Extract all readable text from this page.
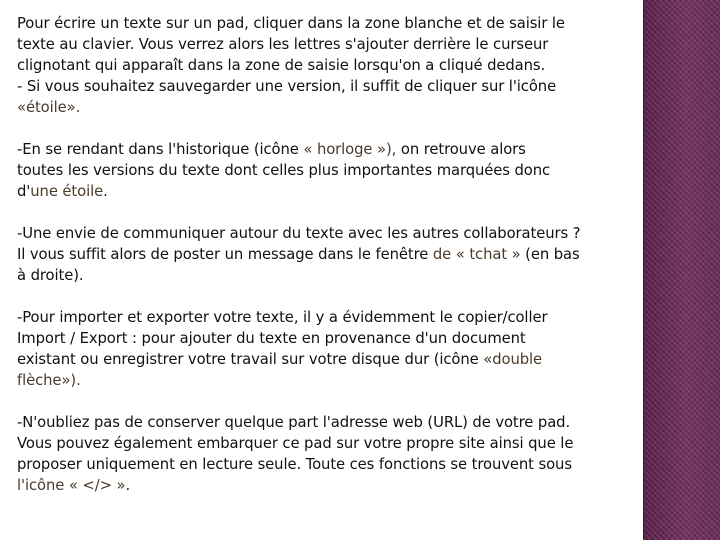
Pour écrire un texte sur un pad, cliquer dans la zone blanche et de saisir le

texte au clavier. Vous verrez alors les lettres s'ajouter derrière le curseur

clignotant qui apparaît dans la zone de saisie lorsqu'on a cliqué dedans.

- Si vous souhaitez sauvegarder une version, il suffit de cliquer sur l'icône

«étoile».

-En se rendant dans l'historique (icône « horloge »), on retrouve alors

toutes les versions du texte dont celles plus importantes marquées donc

d'une étoile.

-Une envie de communiquer autour du texte avec les autres collaborateurs ?

Il vous suffit alors de poster un message dans le fenêtre de « tchat » (en bas

à droite).

-Pour importer et exporter votre texte, il y a évidemment le copier/coller

Import / Export : pour ajouter du texte en provenance d'un document

existant ou enregistrer votre travail sur votre disque dur (icône «double

flèche»).

-N'oubliez pas de conserver quelque part l'adresse web (URL) de votre pad.

Vous pouvez également embarquer ce pad sur votre propre site ainsi que le

proposer uniquement en lecture seule. Toute ces fonctions se trouvent sous

l'icône « </> ».
